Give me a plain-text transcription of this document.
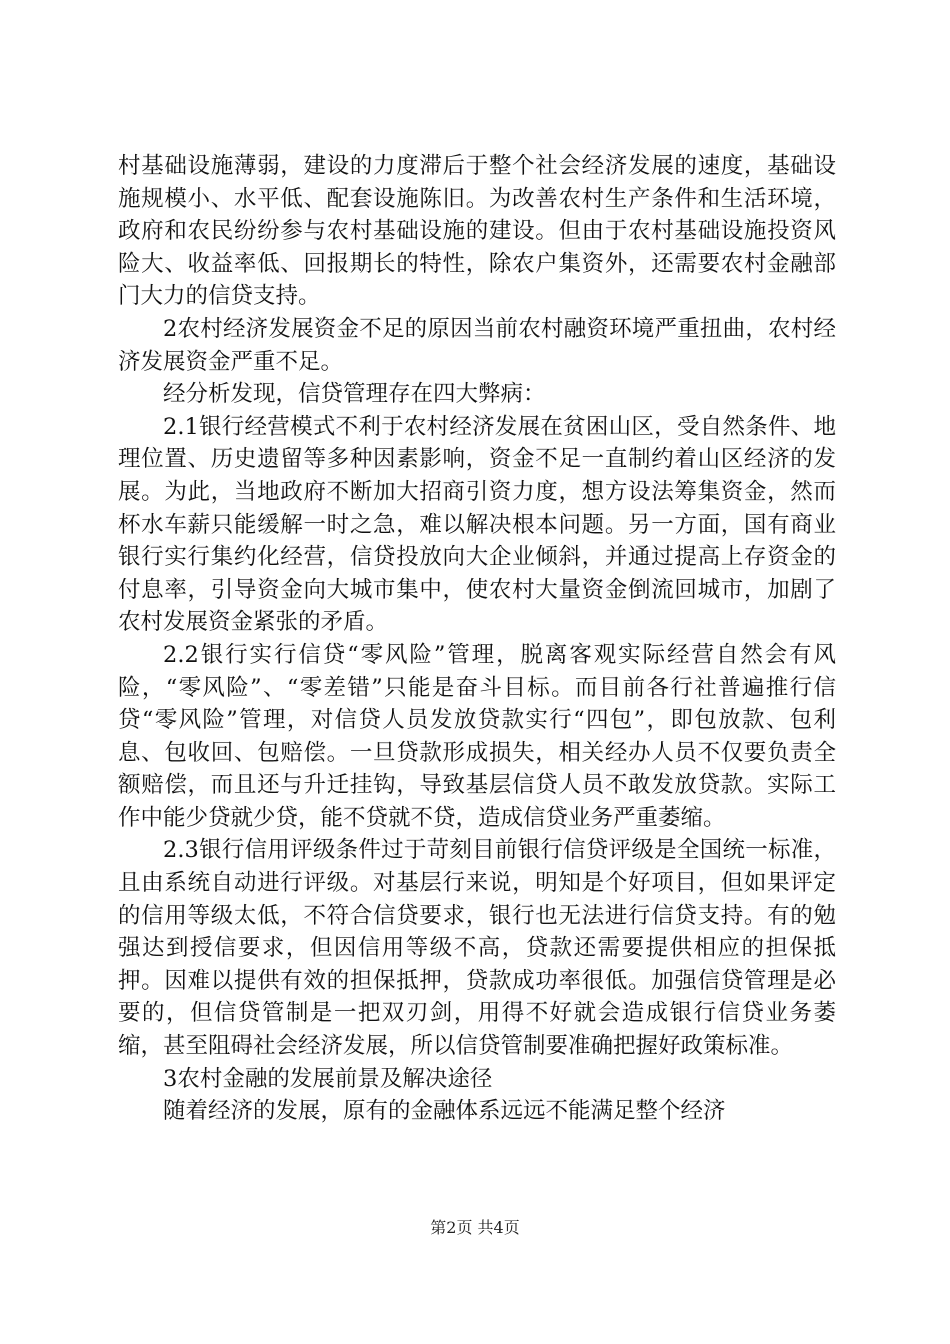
村基础设施薄弱，建设的力度滞后于整个社会经济发展的速度，基础设施规模小、水平低、配套设施陈旧。为改善农村生产条件和生活环境，政府和农民纷纷参与农村基础设施的建设。但由于农村基础设施投资风险大、收益率低、回报期长的特性，除农户集资外，还需要农村金融部门大力的信贷支持。

2农村经济发展资金不足的原因当前农村融资环境严重扭曲，农村经济发展资金严重不足。

经分析发现，信贷管理存在四大弊病：

2.1银行经营模式不利于农村经济发展在贫困山区，受自然条件、地理位置、历史遗留等多种因素影响，资金不足一直制约着山区经济的发展。为此，当地政府不断加大招商引资力度，想方设法筹集资金，然而杯水车薪只能缓解一时之急，难以解决根本问题。另一方面，国有商业银行实行集约化经营，信贷投放向大企业倾斜，并通过提高上存资金的付息率，引导资金向大城市集中，使农村大量资金倒流回城市，加剧了农村发展资金紧张的矛盾。

2.2银行实行信贷“零风险”管理，脱离客观实际经营自然会有风险，“零风险”、“零差错”只能是奋斗目标。而目前各行社普遍推行信贷“零风险”管理，对信贷人员发放贷款实行“四包”，即包放款、包利息、包收回、包赔偿。一旦贷款形成损失，相关经办人员不仅要负责全额赔偿，而且还与升迁挂钩，导致基层信贷人员不敢发放贷款。实际工作中能少贷就少贷，能不贷就不贷，造成信贷业务严重萎缩。

2.3银行信用评级条件过于苛刻目前银行信贷评级是全国统一标准，且由系统自动进行评级。对基层行来说，明知是个好项目，但如果评定的信用等级太低，不符合信贷要求，银行也无法进行信贷支持。有的勉强达到授信要求，但因信用等级不高，贷款还需要提供相应的担保抵押。因难以提供有效的担保抵押，贷款成功率很低。加强信贷管理是必要的，但信贷管制是一把双刃剑，用得不好就会造成银行信贷业务萎缩，甚至阻碍社会经济发展，所以信贷管制要准确把握好政策标准。

3农村金融的发展前景及解决途径

随着经济的发展，原有的金融体系远远不能满足整个经济

第2页 共4页
